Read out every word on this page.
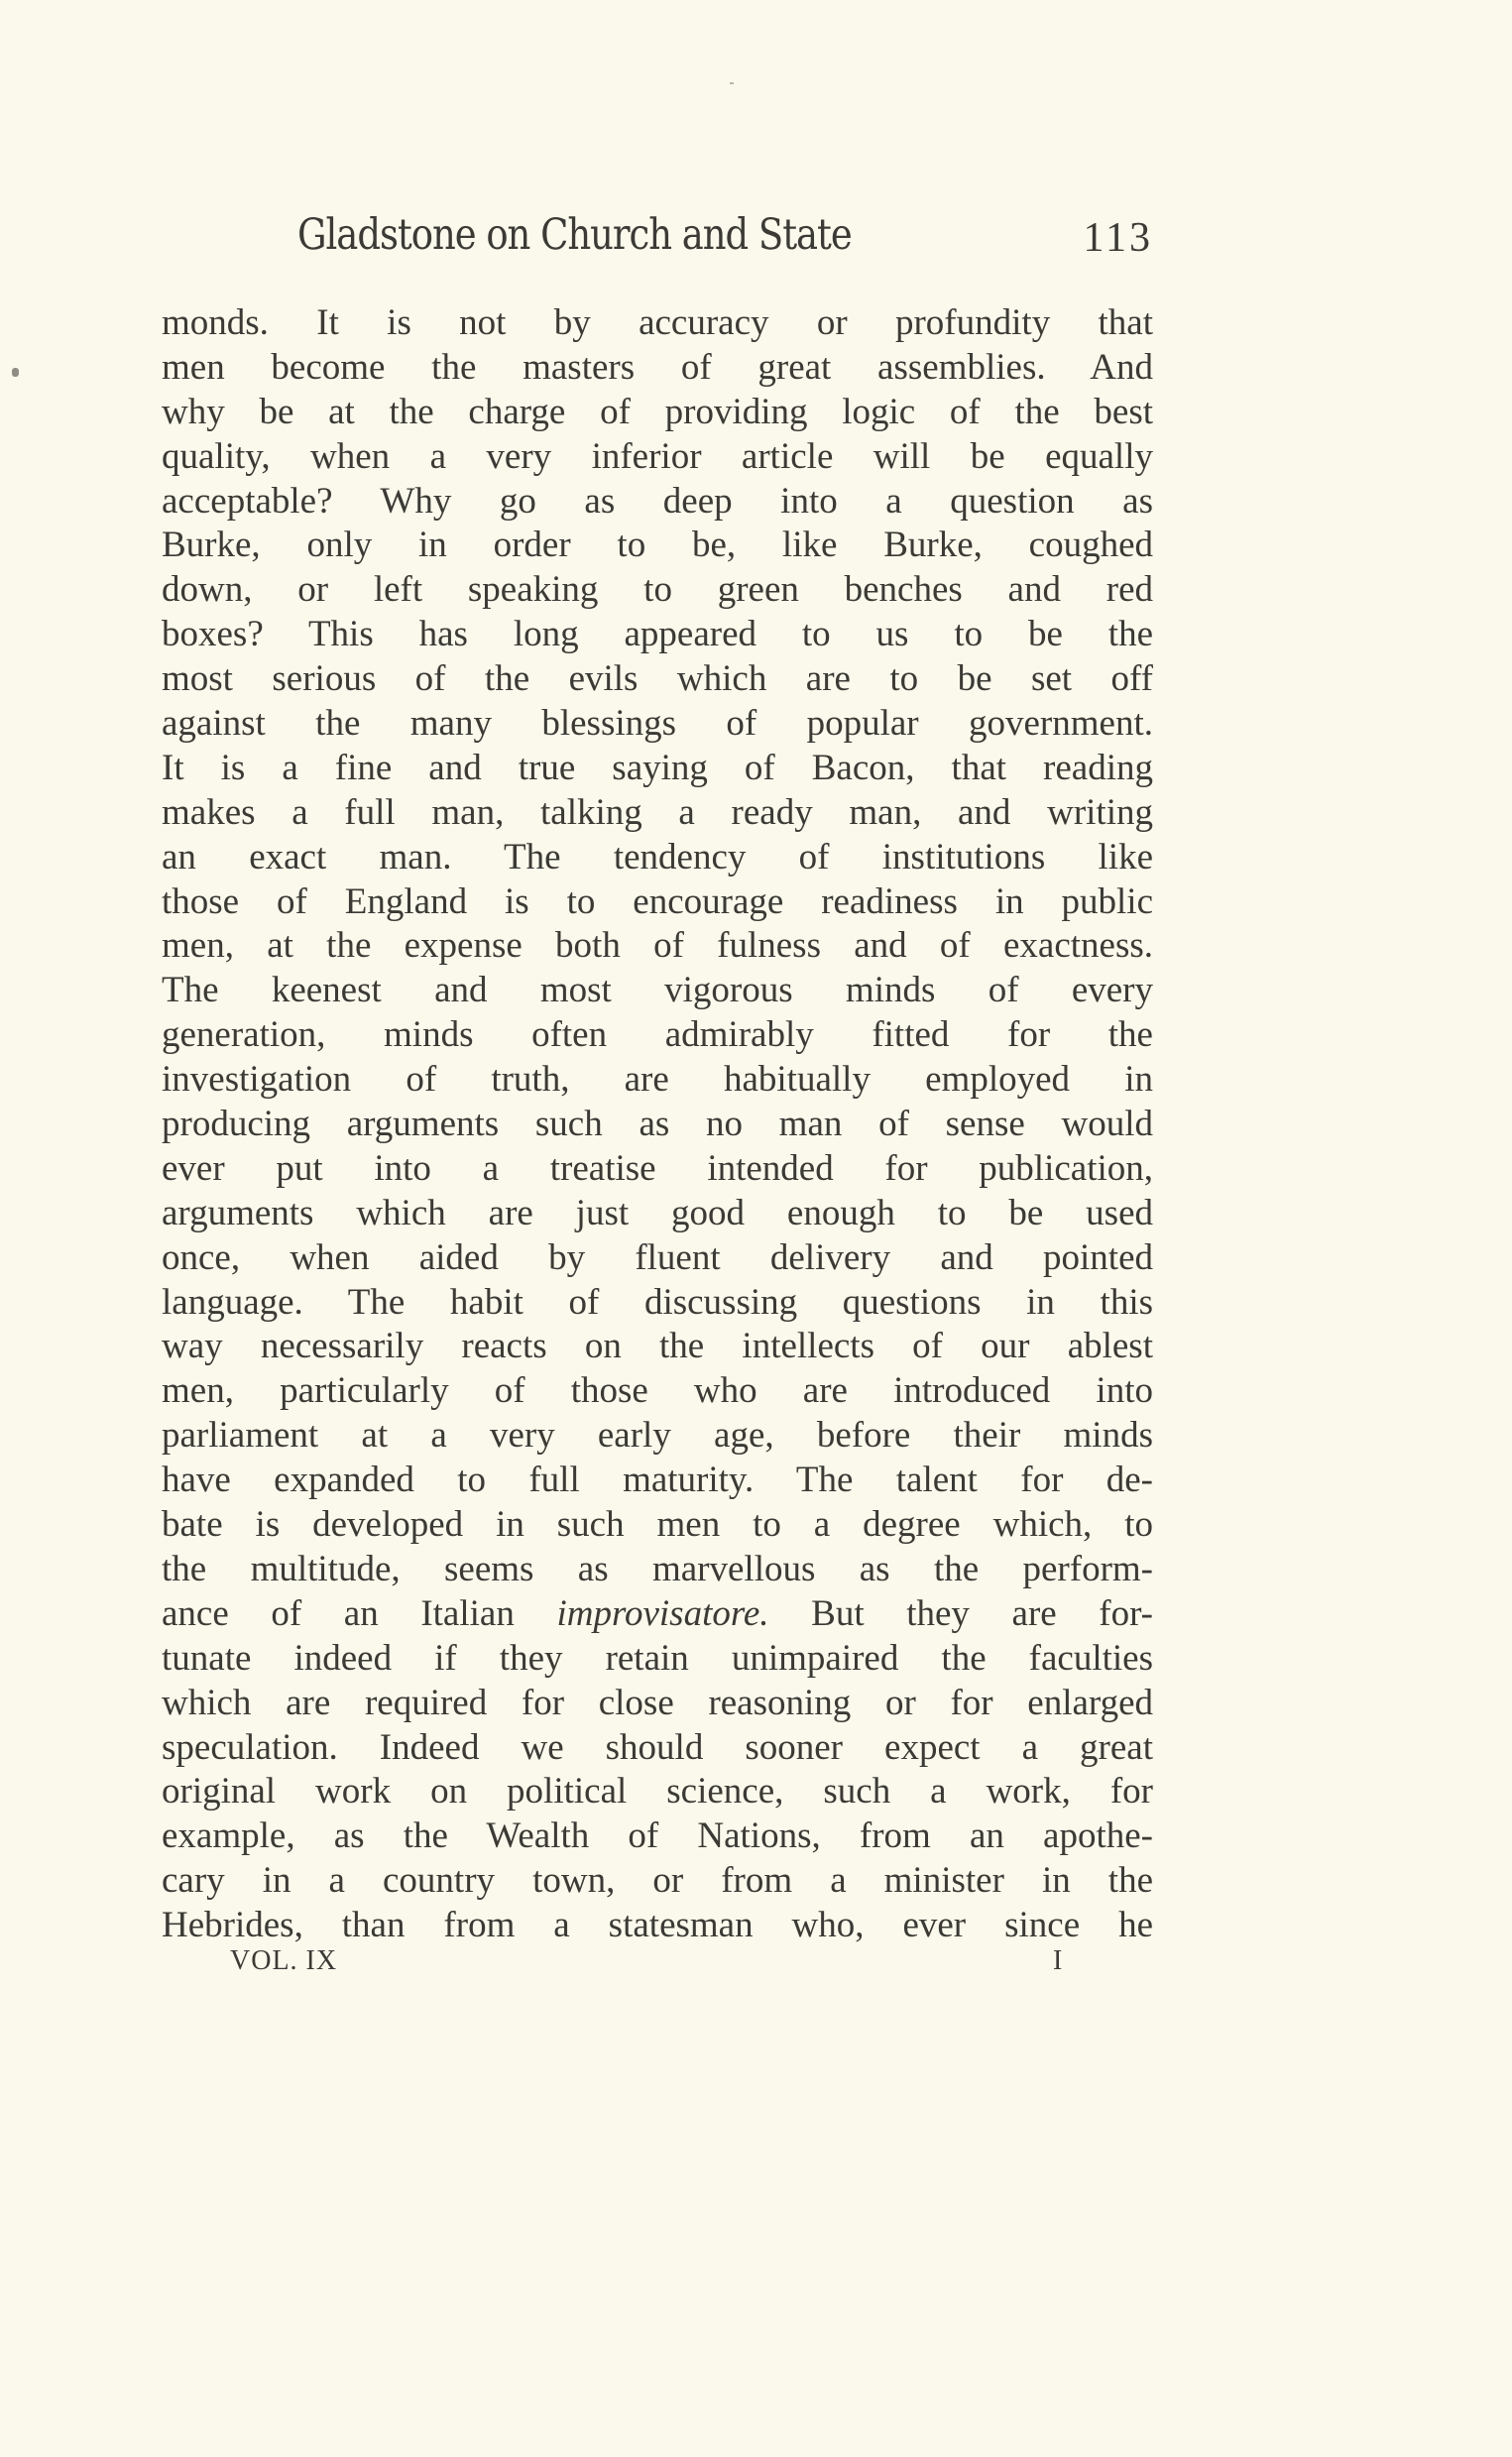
Gladstone on Church and State	113
monds. It is not by accuracy or profundity that
men become the masters of great assemblies. And
why be at the charge of providing logic of the best
quality, when a very inferior article will be equally
acceptable? Why go as deep into a question as
Burke, only in order to be, like Burke, coughed
down, or left speaking to green benches and red
boxes? This has long appeared to us to be the
most serious of the evils which are to be set off
against the many blessings of popular government.
It is a fine and true saying of Bacon, that reading
makes a full man, talking a ready man, and writing
an exact man. The tendency of institutions like
those of England is to encourage readiness in public
men, at the expense both of fulness and of exactness.
The keenest and most vigorous minds of every
generation, minds often admirably fitted for the
investigation of truth, are habitually employed in
producing arguments such as no man of sense would
ever put into a treatise intended for publication,
arguments which are just good enough to be used
once, when aided by fluent delivery and pointed
language. The habit of discussing questions in this
way necessarily reacts on the intellects of our ablest
men, particularly of those who are introduced into
parliament at a very early age, before their minds
have expanded to full maturity. The talent for de-
bate is developed in such men to a degree which, to
the multitude, seems as marvellous as the perform-
ance of an Italian improvisatore. But they are for-
tunate indeed if they retain unimpaired the faculties
which are required for close reasoning or for enlarged
speculation. Indeed we should sooner expect a great
original work on political science, such a work, for
example, as the Wealth of Nations, from an apothe-
cary in a country town, or from a minister in the
Hebrides, than from a statesman who, ever since he
VOL. IX	I
